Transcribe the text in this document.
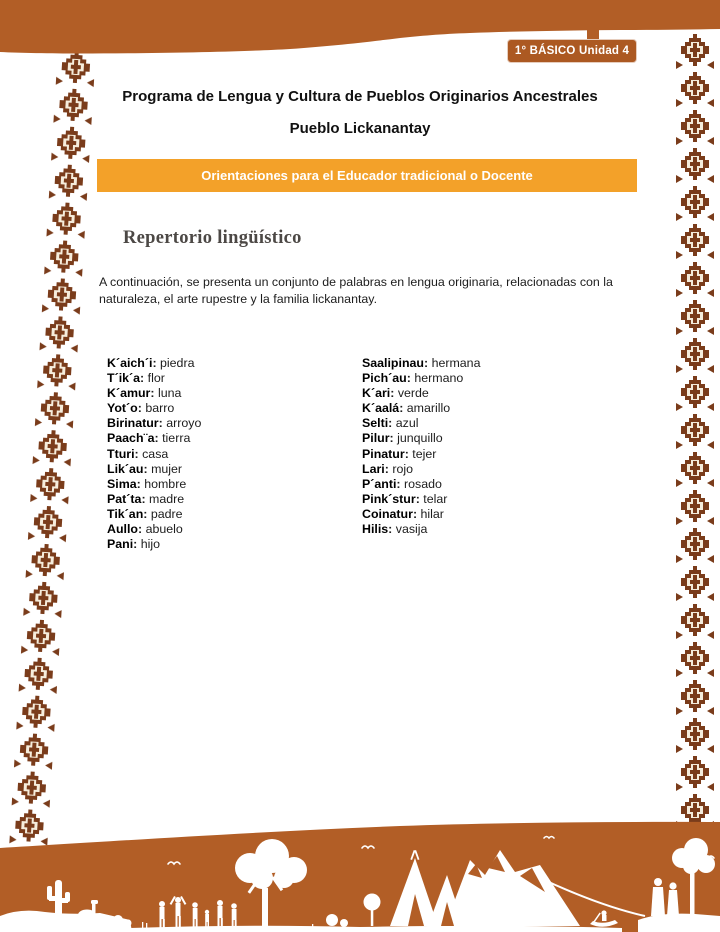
1° BÁSICO Unidad 4
Programa de Lengua y Cultura de Pueblos Originarios Ancestrales
Pueblo Lickanantay
Orientaciones para el Educador tradicional o Docente
Repertorio lingüístico
A continuación, se presenta un conjunto de palabras en lengua originaria, relacionadas con la naturaleza, el arte rupestre y la familia lickanantay.
K´aich´i: piedra
T´ik´a: flor
K´amur: luna
Yot´o: barro
Birinatur: arroyo
Paach¨a: tierra
Tturi: casa
Lik´au: mujer
Sima: hombre
Pat´ta: madre
Tik´an: padre
Aullo: abuelo
Pani: hijo
Saalipinau: hermana
Pich´au: hermano
K´ari: verde
K´aalá: amarillo
Selti: azul
Pilur: junquillo
Pinatur: tejer
Lari: rojo
P´anti: rosado
Pink´stur: telar
Coinatur: hilar
Hilis: vasija
